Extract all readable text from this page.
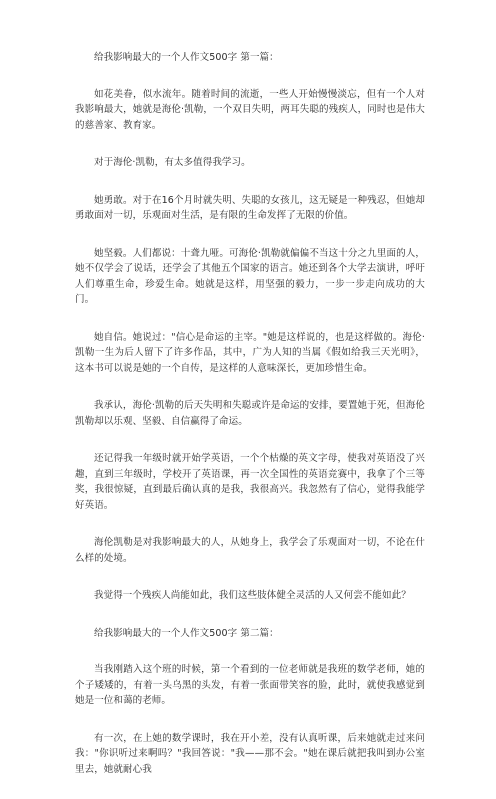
给我影响最大的一个人作文500字 第一篇：

如花美眷，似水流年。随着时间的流逝，一些人开始慢慢淡忘，但有一个人对我影响最大，她就是海伦·凯勒，一个双目失明，两耳失聪的残疾人，同时也是伟大的慈善家、教育家。

对于海伦·凯勒，有太多值得我学习。

她勇敢。对于在16个月时就失明、失聪的女孩儿，这无疑是一种残忍，但她却勇敢面对一切，乐观面对生活，是有限的生命发挥了无限的价值。

她坚毅。人们都说：十聋九哑。可海伦·凯勒就偏偏不当这十分之九里面的人，她不仅学会了说话，还学会了其他五个国家的语言。她还到各个大学去演讲，呼吁人们尊重生命，珍爱生命。她就是这样，用坚强的毅力，一步一步走向成功的大门。

她自信。她说过："信心是命运的主宰。"她是这样说的，也是这样做的。海伦·凯勒一生为后人留下了许多作品，其中，广为人知的当属《假如给我三天光明》，这本书可以说是她的一个自传，是这样的人意味深长，更加珍惜生命。

我承认，海伦·凯勒的后天失明和失聪或许是命运的安排，要置她于死，但海伦凯勒却以乐观、坚毅、自信赢得了命运。

还记得我一年级时就开始学英语，一个个枯燥的英文字母，使我对英语没了兴趣，直到三年级时，学校开了英语课，再一次全国性的英语竞赛中，我拿了个三等奖，我很惊疑，直到最后确认真的是我，我很高兴。我忽然有了信心，觉得我能学好英语。

海伦凯勒是对我影响最大的人，从她身上，我学会了乐观面对一切，不论在什么样的处境。

我觉得一个残疾人尚能如此，我们这些肢体健全灵活的人又何尝不能如此？

给我影响最大的一个人作文500字 第二篇：

当我刚踏入这个班的时候，第一个看到的一位老师就是我班的数学老师，她的个子矮矮的，有着一头乌黑的头发，有着一张面带笑容的脸，此时，就使我感觉到她是一位和蔼的老师。

有一次，在上她的数学课时，我在开小差，没有认真听课，后来她就走过来问我："你识听过来啊吗？"我回答说："我——那不会。"她在课后就把我叫到办公室里去，她就耐心我
